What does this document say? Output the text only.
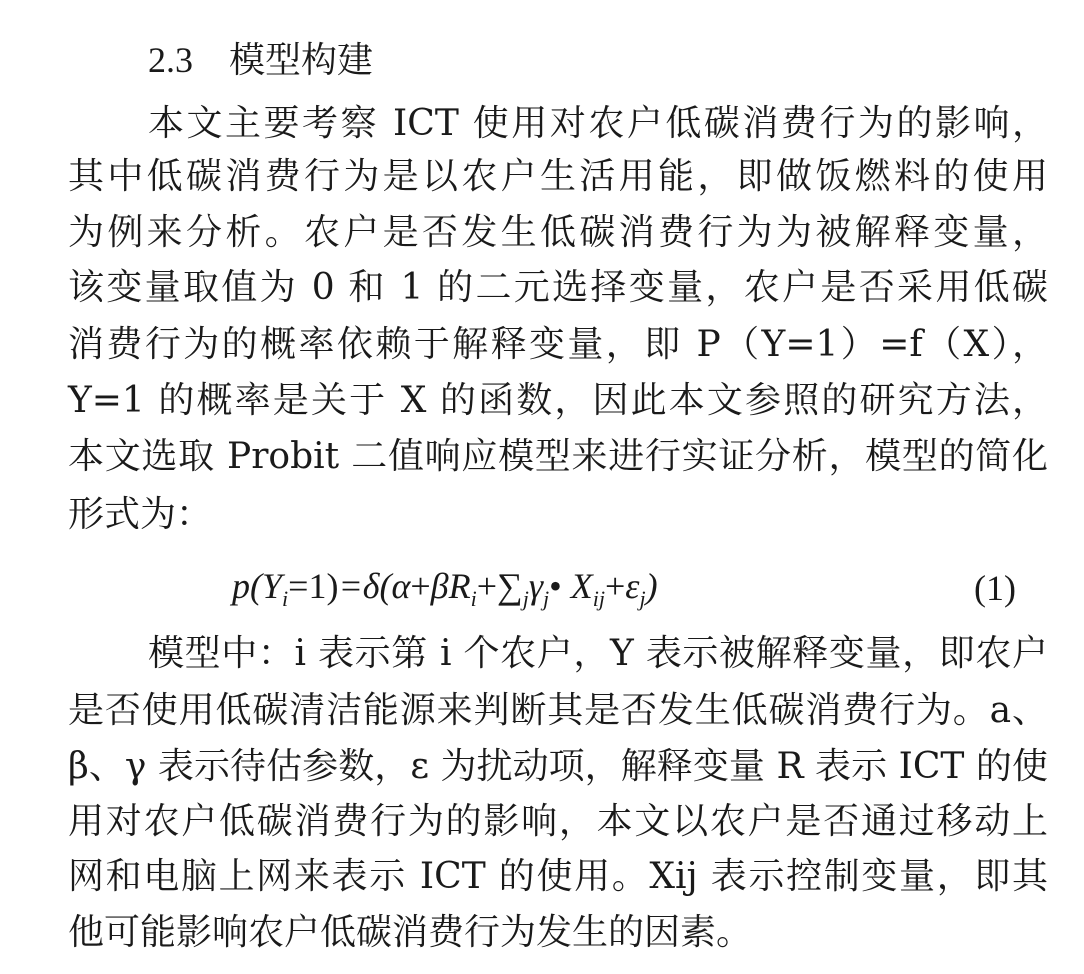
2.3 模型构建
本文主要考察 ICT 使用对农户低碳消费行为的影响，
其中低碳消费行为是以农户生活用能，即做饭燃料的使用
为例来分析。农户是否发生低碳消费行为为被解释变量，
该变量取值为 0 和 1 的二元选择变量，农户是否采用低碳
消费行为的概率依赖于解释变量，即 P（Y=1）=f（X），
Y=1 的概率是关于 X 的函数，因此本文参照的研究方法，
本文选取 Probit 二值响应模型来进行实证分析，模型的简化
形式为：
$p(Y_i=1)=\delta(\alpha+\beta R_i+\sum_j\gamma_j•$ $X_{ij}+\varepsilon_j$)	(1)
模型中：i 表示第 i 个农户，Y 表示被解释变量，即农户
是否使用低碳清洁能源来判断其是否发生低碳消费行为。a、
β、γ 表示待估参数，ε 为扰动项，解释变量 R 表示 ICT 的使
用对农户低碳消费行为的影响，本文以农户是否通过移动上
网和电脑上网来表示 ICT 的使用。Xij 表示控制变量，即其
他可能影响农户低碳消费行为发生的因素。
